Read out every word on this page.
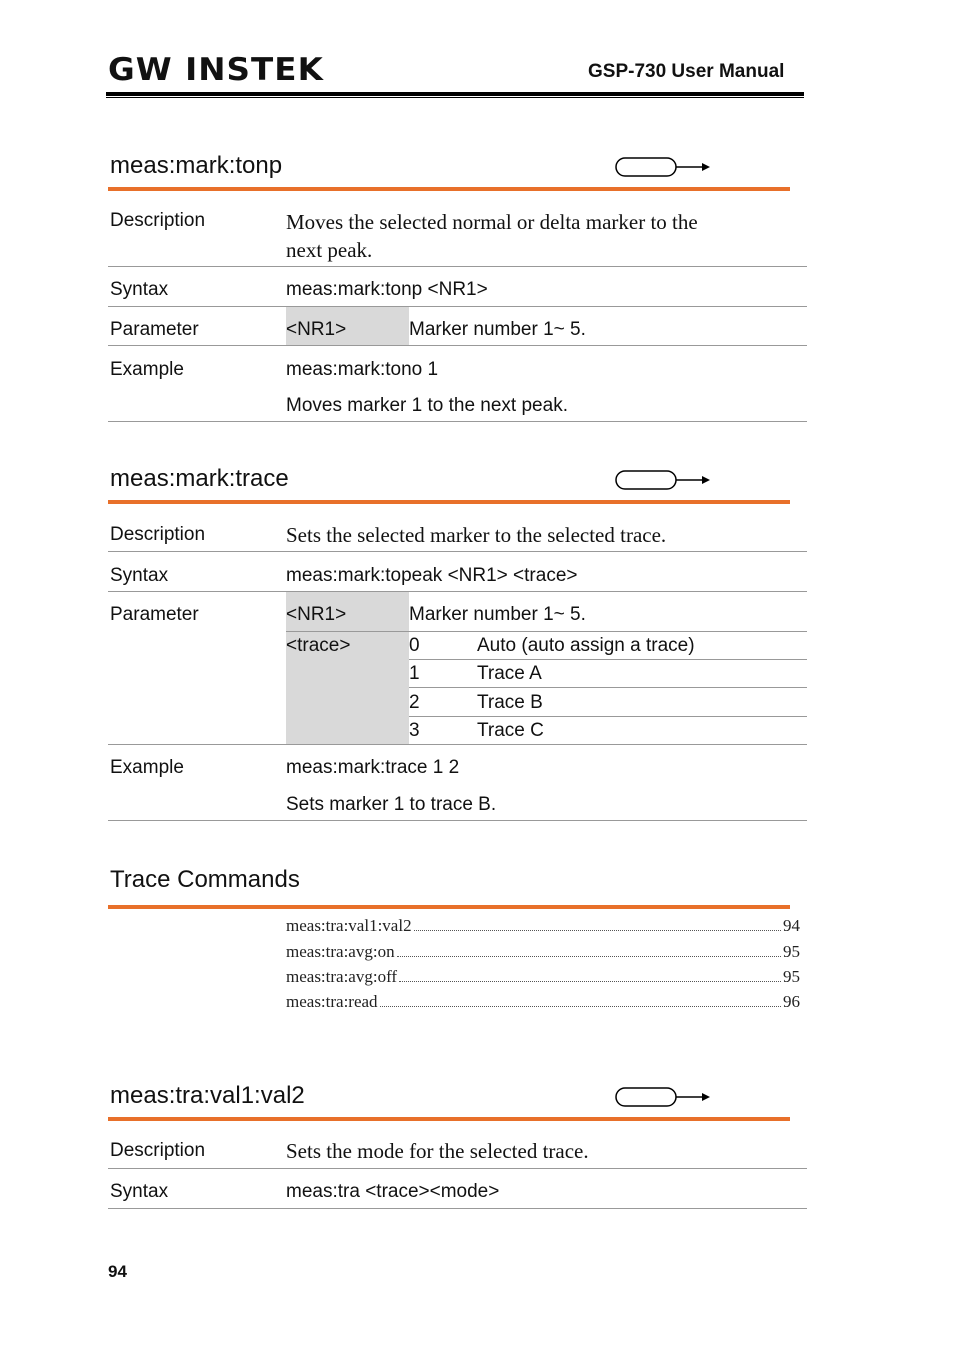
GW INSTEK	GSP-730 User Manual
meas:mark:tonp
Description	Moves the selected normal or delta marker to the
next peak.
Syntax	meas:mark:tonp <NR1>
Parameter	<NR1>	Marker number 1~ 5.
Example	meas:mark:tono 1
Moves marker 1 to the next peak.
meas:mark:trace
Description	Sets the selected marker to the selected trace.
Syntax	meas:mark:topeak <NR1> <trace>
Parameter	<NR1>	Marker number 1~ 5.
<trace>	0	Auto (auto assign a trace)
1	Trace A
2	Trace B
3	Trace C
Example	meas:mark:trace 1 2
Sets marker 1 to trace B.
Trace Commands
meas:tra:val1:val2	94
meas:tra:avg:on	95
meas:tra:avg:off	95
meas:tra:read	96
meas:tra:val1:val2
Description	Sets the mode for the selected trace.
Syntax	meas:tra <trace><mode>
94
